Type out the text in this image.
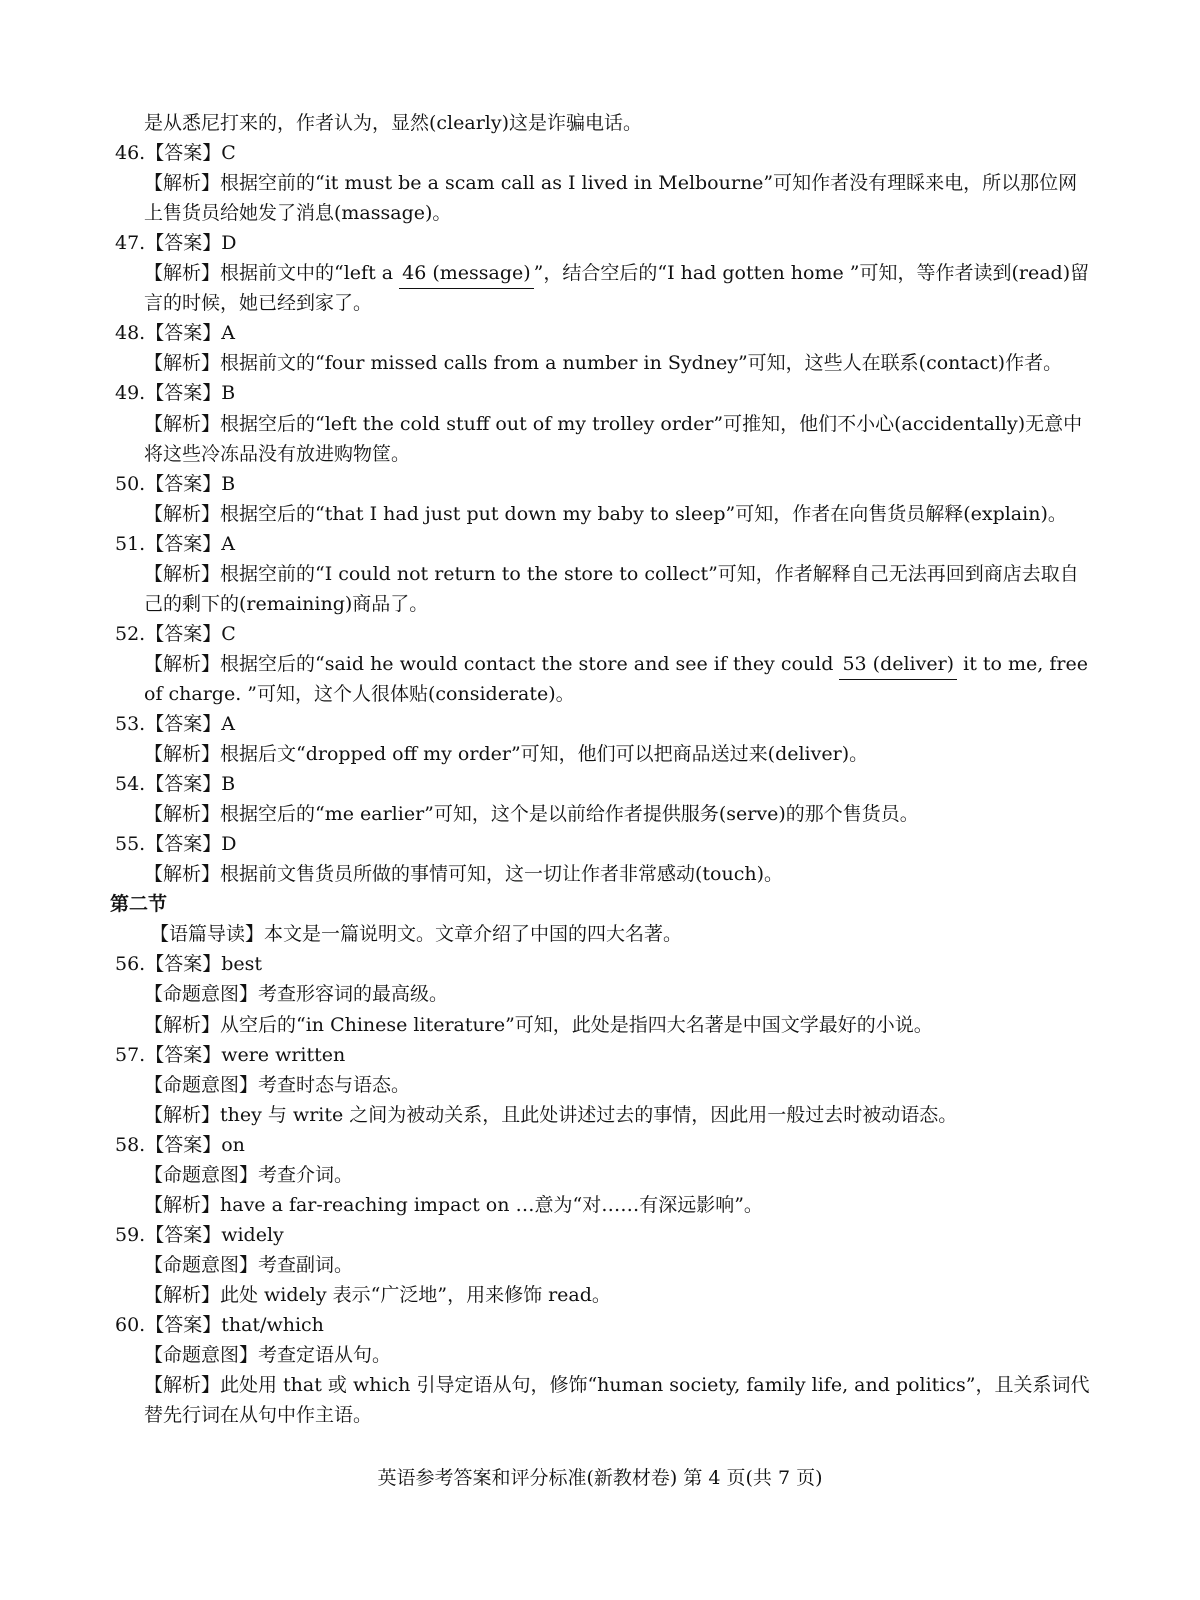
是从悉尼打来的，作者认为，显然(clearly)这是诈骗电话。
46.【答案】C
【解析】根据空前的“it must be a scam call as I lived in Melbourne”可知作者没有理睬来电，所以那位网
上售货员给她发了消息(massage)。
47.【答案】D
【解析】根据前文中的“left a 46 (message) ”，结合空后的“I had gotten home ”可知，等作者读到(read)留
言的时候，她已经到家了。
48.【答案】A
【解析】根据前文的“four missed calls from a number in Sydney”可知，这些人在联系(contact)作者。
49.【答案】B
【解析】根据空后的“left the cold stuff out of my trolley order”可推知，他们不小心(accidentally)无意中
将这些冷冻品没有放进购物筐。
50.【答案】B
【解析】根据空后的“that I had just put down my baby to sleep”可知，作者在向售货员解释(explain)。
51.【答案】A
【解析】根据空前的“I could not return to the store to collect”可知，作者解释自己无法再回到商店去取自
己的剩下的(remaining)商品了。
52.【答案】C
【解析】根据空后的“said he would contact the store and see if they could 53 (deliver) it to me, free
of charge. ”可知，这个人很体贴(considerate)。
53.【答案】A
【解析】根据后文“dropped off my order”可知，他们可以把商品送过来(deliver)。
54.【答案】B
【解析】根据空后的“me earlier”可知，这个是以前给作者提供服务(serve)的那个售货员。
55.【答案】D
【解析】根据前文售货员所做的事情可知，这一切让作者非常感动(touch)。
第二节
【语篇导读】本文是一篇说明文。文章介绍了中国的四大名著。
56.【答案】best
【命题意图】考查形容词的最高级。
【解析】从空后的“in Chinese literature”可知，此处是指四大名著是中国文学最好的小说。
57.【答案】were written
【命题意图】考查时态与语态。
【解析】they 与 write 之间为被动关系，且此处讲述过去的事情，因此用一般过去时被动语态。
58.【答案】on
【命题意图】考查介词。
【解析】have a far-reaching impact on …意为“对……有深远影响”。
59.【答案】widely
【命题意图】考查副词。
【解析】此处 widely 表示“广泛地”，用来修饰 read。
60.【答案】that/which
【命题意图】考查定语从句。
【解析】此处用 that 或 which 引导定语从句，修饰“human society, family life, and politics”，且关系词代
替先行词在从句中作主语。
英语参考答案和评分标准(新教材卷) 第 4 页(共 7 页)
